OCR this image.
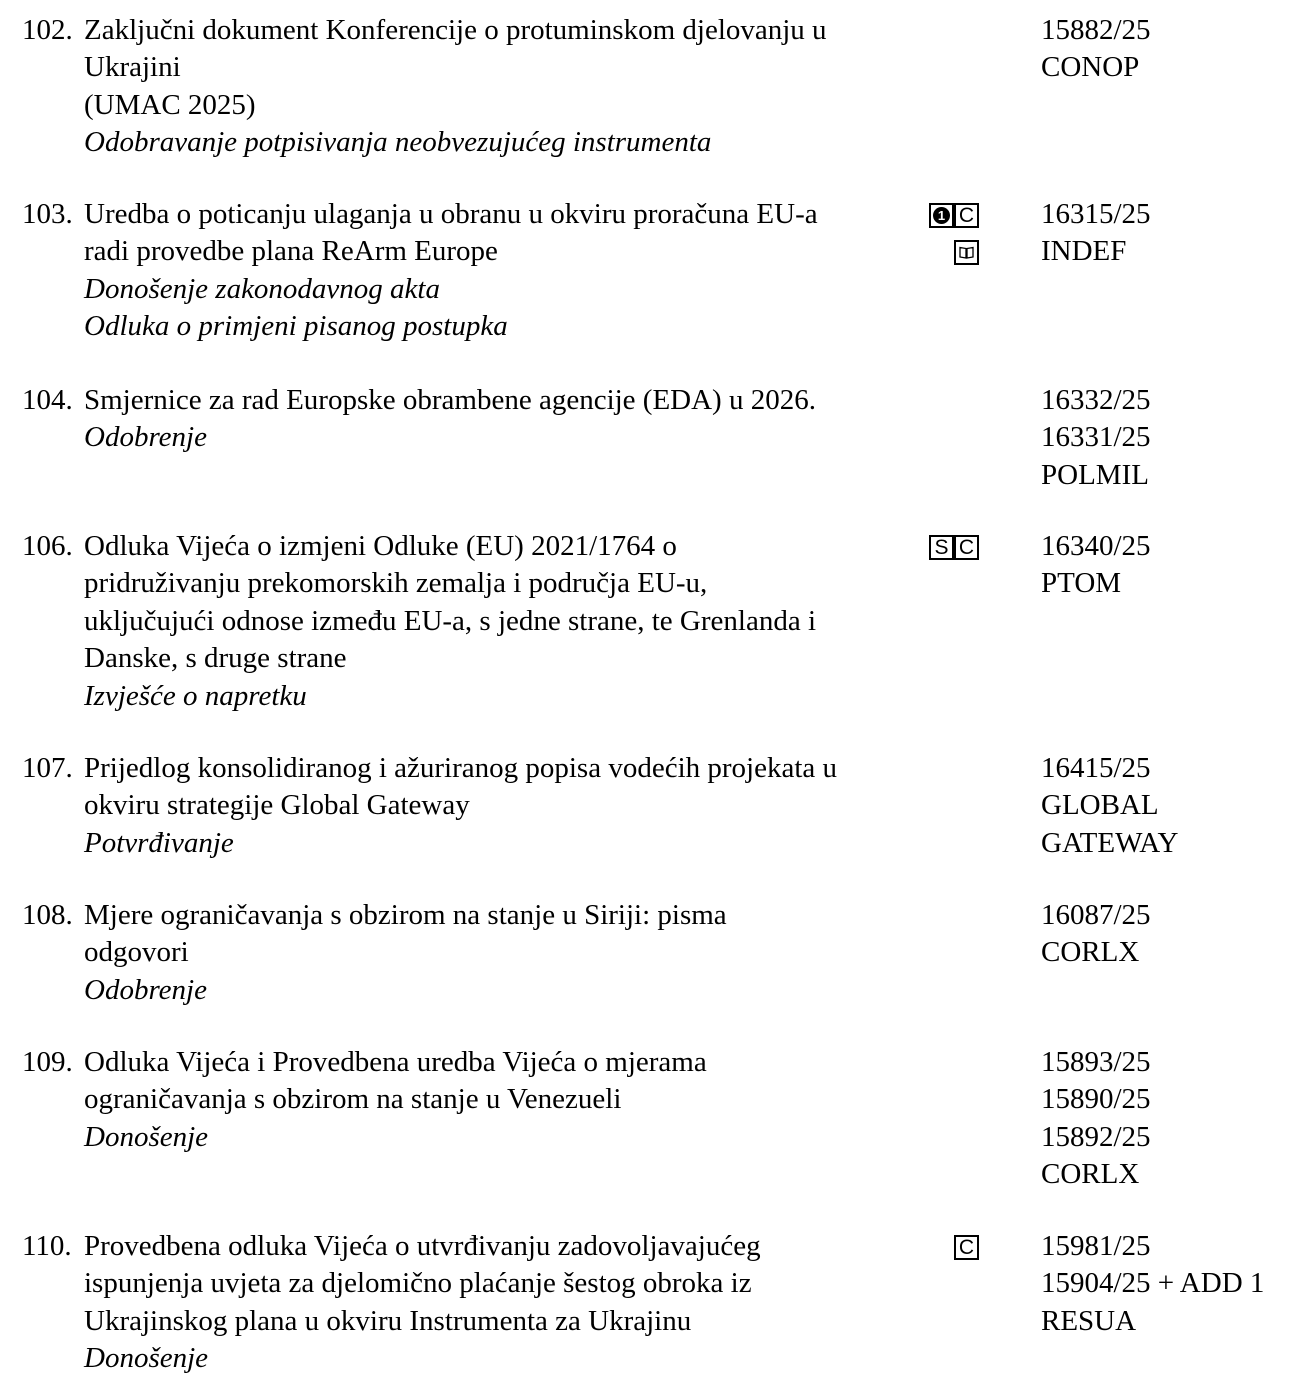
102. Zaključni dokument Konferencije o protuminskom djelovanju u
Ukrajini
(UMAC 2025)
Odobravanje potpisivanja neobvezujućeg instrumenta
15882/25
CONOP
103. Uredba o poticanju ulaganja u obranu u okviru proračuna EU-a
radi provedbe plana ReArm Europe
Donošenje zakonodavnog akta
Odluka o primjeni pisanog postupka
1 C 16315/25
INDEF
104. Smjernice za rad Europske obrambene agencije (EDA) u 2026.
Odobrenje
16332/25
16331/25
POLMIL
106. Odluka Vijeća o izmjeni Odluke (EU) 2021/1764 o
pridruživanju prekomorskih zemalja i područja EU-u,
uključujući odnose između EU-a, s jedne strane, te Grenlanda i
Danske, s druge strane
Izvješće o napretku
S C 16340/25
PTOM
107. Prijedlog konsolidiranog i ažuriranog popisa vodećih projekata u
okviru strategije Global Gateway
Potvrđivanje
16415/25
GLOBAL
GATEWAY
108. Mjere ograničavanja s obzirom na stanje u Siriji: pisma
odgovori
Odobrenje
16087/25
CORLX
109. Odluka Vijeća i Provedbena uredba Vijeća o mjerama
ograničavanja s obzirom na stanje u Venezueli
Donošenje
15893/25
15890/25
15892/25
CORLX
110. Provedbena odluka Vijeća o utvrđivanju zadovoljavajućeg
ispunjenja uvjeta za djelomično plaćanje šestog obroka iz
Ukrajinskog plana u okviru Instrumenta za Ukrajinu
Donošenje
C 15981/25
15904/25 + ADD 1
RESUA
